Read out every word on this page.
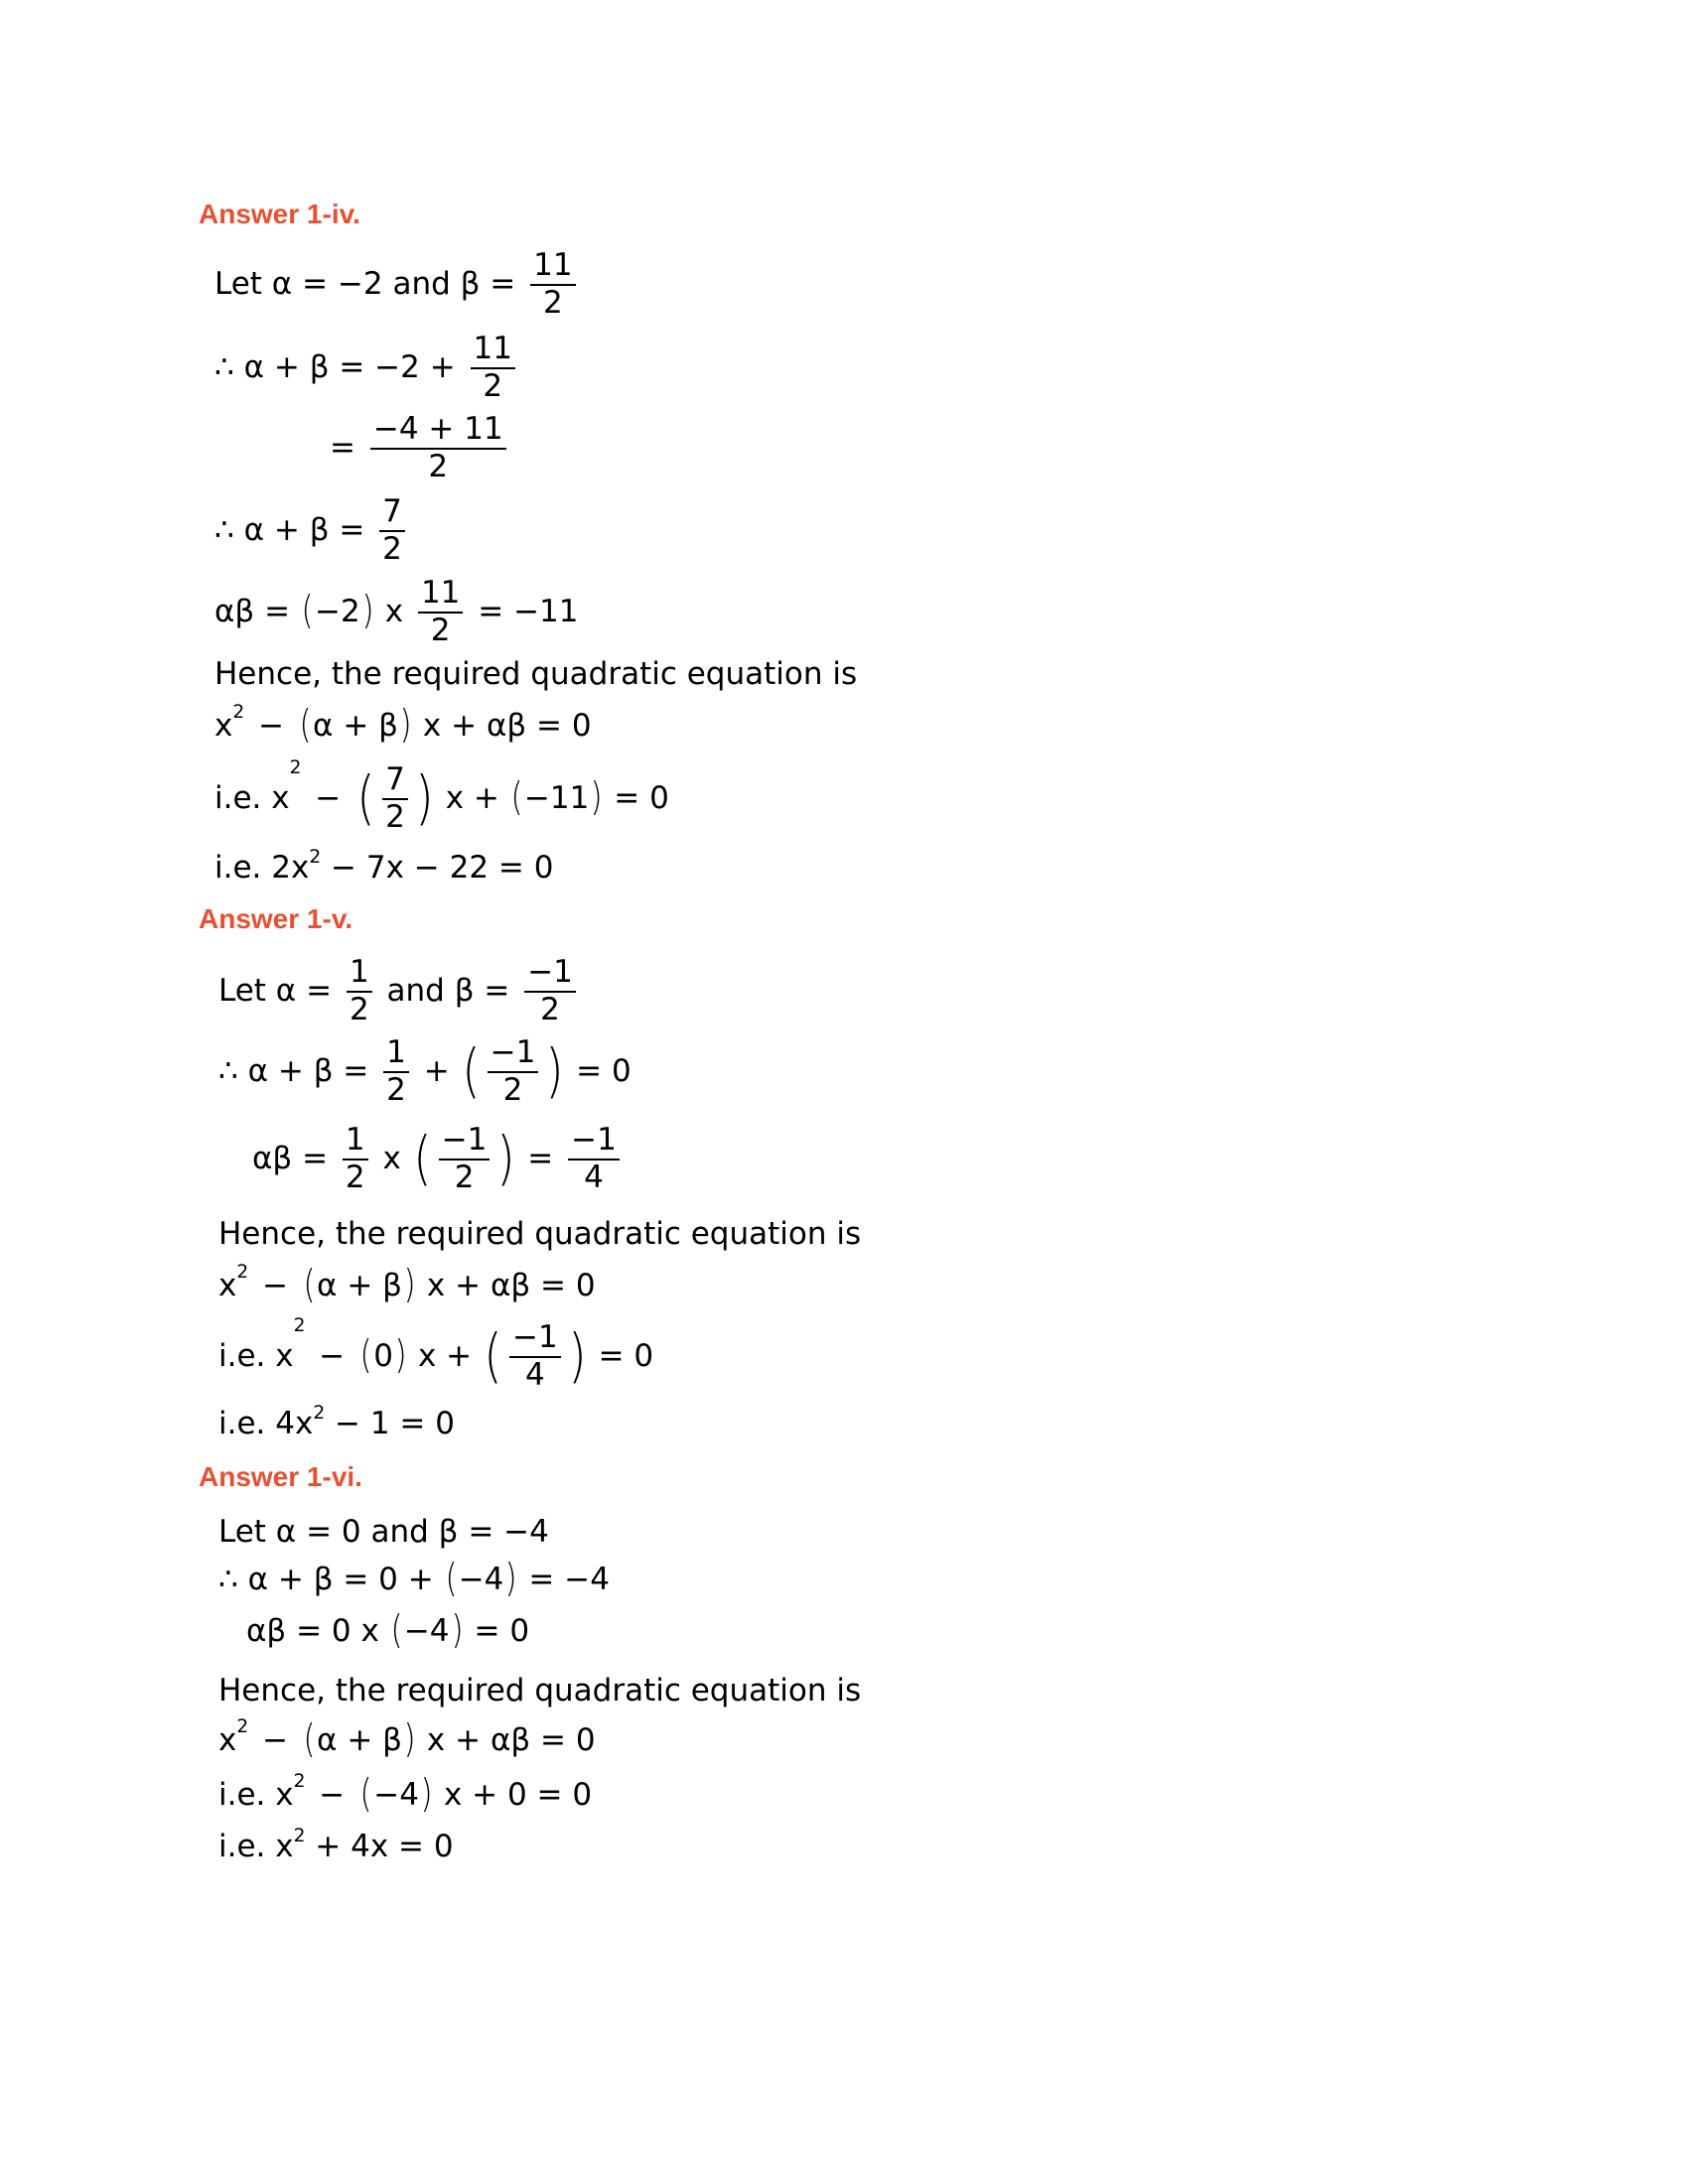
Answer 1-iv.
Let α = −2 and $\beta = \frac{11}{2}$
∴ $\alpha + \beta = -2 + \frac{11}{2}$
= $\frac{-4 + 11}{2}$
∴ $\alpha + \beta = \frac{7}{2}$
αβ = ( −2 ) x $\frac{11}{2} = -11$
Hence, the required quadratic equation is
$x^2$ − ( α + β ) x + αβ = 0
i.e. $x^2$ − ( $\frac{7}{2}$ ) x + ( −11 ) = 0
i.e. $2x^2 - 7x - 22 = 0$
Answer 1-v.
Let $\alpha = \frac{1}{2}$ and $\beta = \frac{-1}{2}$
∴ $\alpha + \beta = \frac{1}{2}$ + ( $\frac{-1}{2}$ ) = 0
$\alpha\beta = \frac{1}{2}$ x ( $\frac{-1}{2}$ ) = $\frac{-1}{4}$
Hence, the required quadratic equation is
$x^2$ − ( α + β ) x + αβ = 0
i.e. $x^2$ − ( 0 ) x + ( $\frac{-1}{4}$ ) = 0
i.e. $4x^2 - 1 = 0$
Answer 1-vi.
Let α = 0 and β = −4
∴ α + β = 0 + ( −4 ) = −4
αβ = 0 x ( −4 ) = 0
Hence, the required quadratic equation is
$x^2$ − ( α + β ) x + αβ = 0
i.e. $x^2$ − ( −4 ) x + 0 = 0
i.e. $x^2 + 4x = 0$
